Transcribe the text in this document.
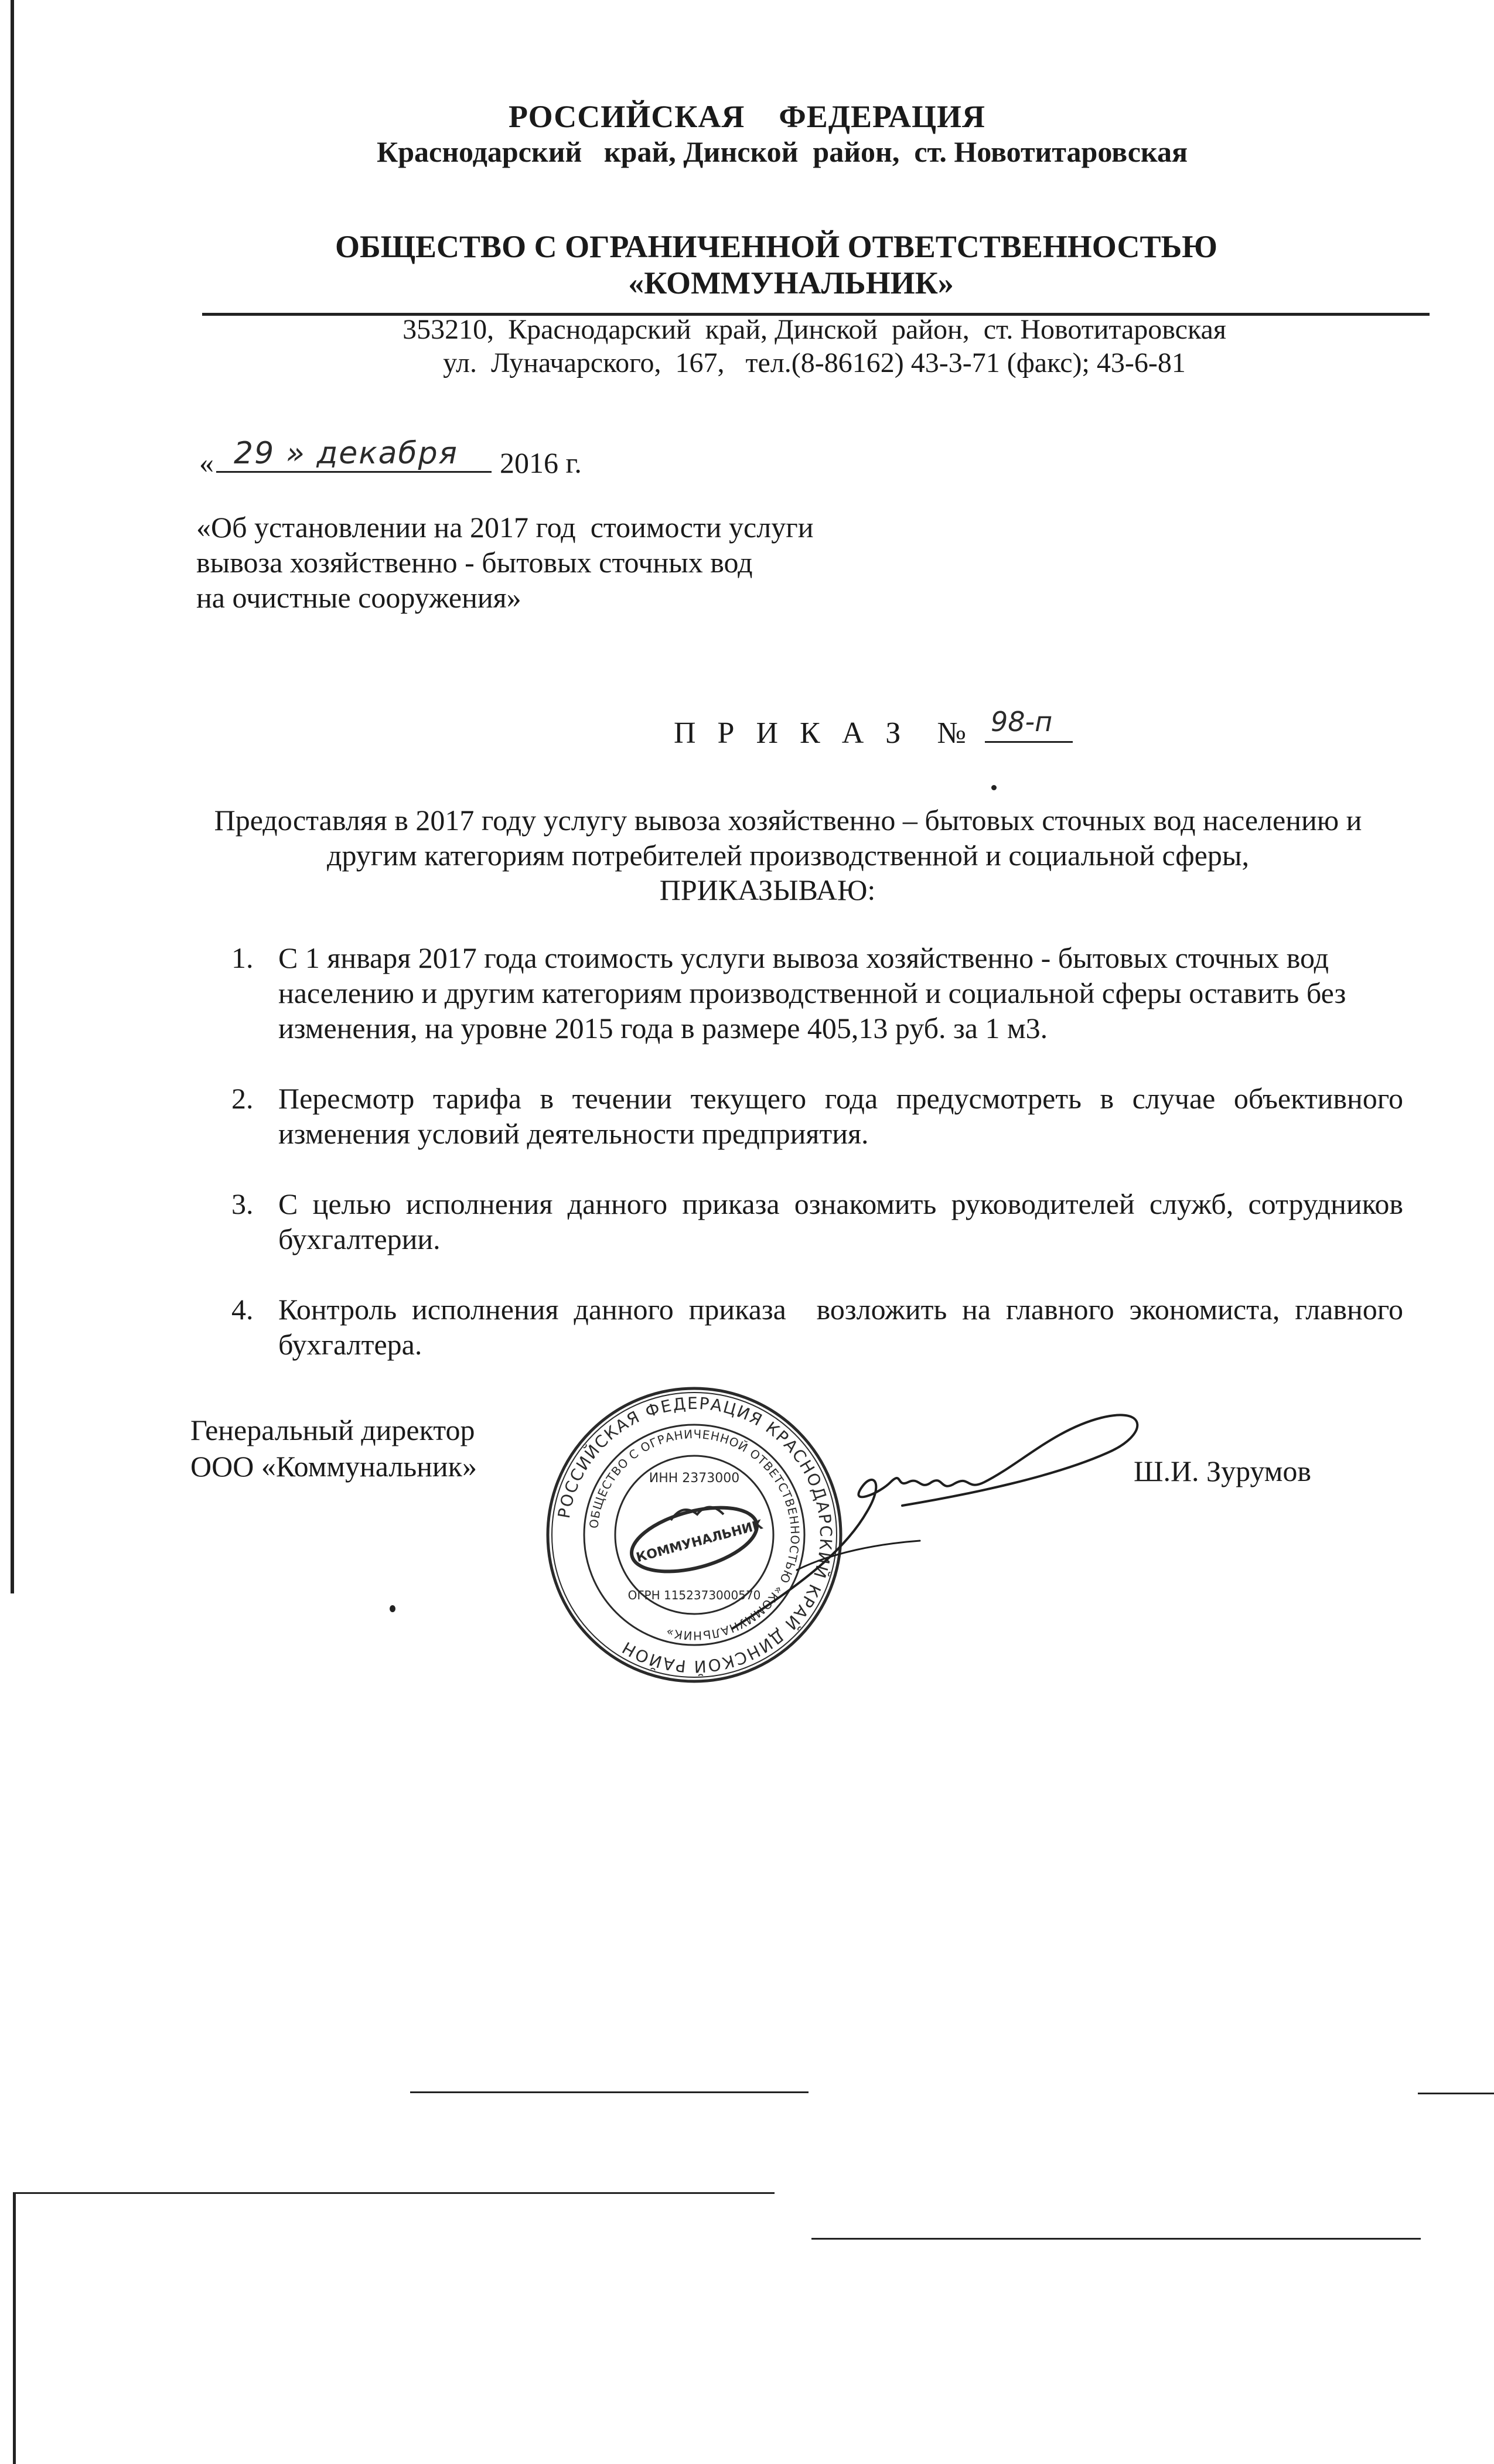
РОССИЙСКАЯ    ФЕДЕРАЦИЯ
Краснодарский   край, Динской  район,  ст. Новотитаровская
ОБЩЕСТВО С ОГРАНИЧЕННОЙ ОТВЕТСТВЕННОСТЬЮ
«КОММУНАЛЬНИК»
353210,  Краснодарский  край, Динской  район,  ст. Новотитаровская
ул.  Луначарского,  167,   тел.(8-86162) 43-3-71 (факс); 43-6-81
« 29 » декабря 2016 г.
«Об установлении на 2017 год  стоимости услуги
вывоза хозяйственно - бытовых сточных вод
на очистные сооружения»
П Р И К А З  № 98-п
Предоставляя в 2017 году услугу вывоза хозяйственно – бытовых сточных вод населению и
другим категориям потребителей производственной и социальной сферы,
ПРИКАЗЫВАЮ:
1. С 1 января 2017 года стоимость услуги вывоза хозяйственно - бытовых сточных вод
населению и другим категориям производственной и социальной сферы оставить без
изменения, на уровне 2015 года в размере 405,13 руб. за 1 м3.
2. Пересмотр тарифа в течении текущего года предусмотреть в случае объективного
изменения условий деятельности предприятия.
3. С целью исполнения данного приказа ознакомить руководителей служб, сотрудников
бухгалтерии.
4. Контроль исполнения данного приказа  возложить на главного экономиста, главного
бухгалтера.
Генеральный директор
ООО «Коммунальник»	Ш.И. Зурумов
РОССИЙСКАЯ ФЕДЕРАЦИЯ КРАСНОДАРСКИЙ КРАЙ ДИНСКОЙ РАЙОН
ОБЩЕСТВО С ОГРАНИЧЕННОЙ ОТВЕТСТВЕННОСТЬЮ «КОММУНАЛЬНИК»
ИНН 2373000
ОГРН 1152373000570
КОММУНАЛЬНИК
